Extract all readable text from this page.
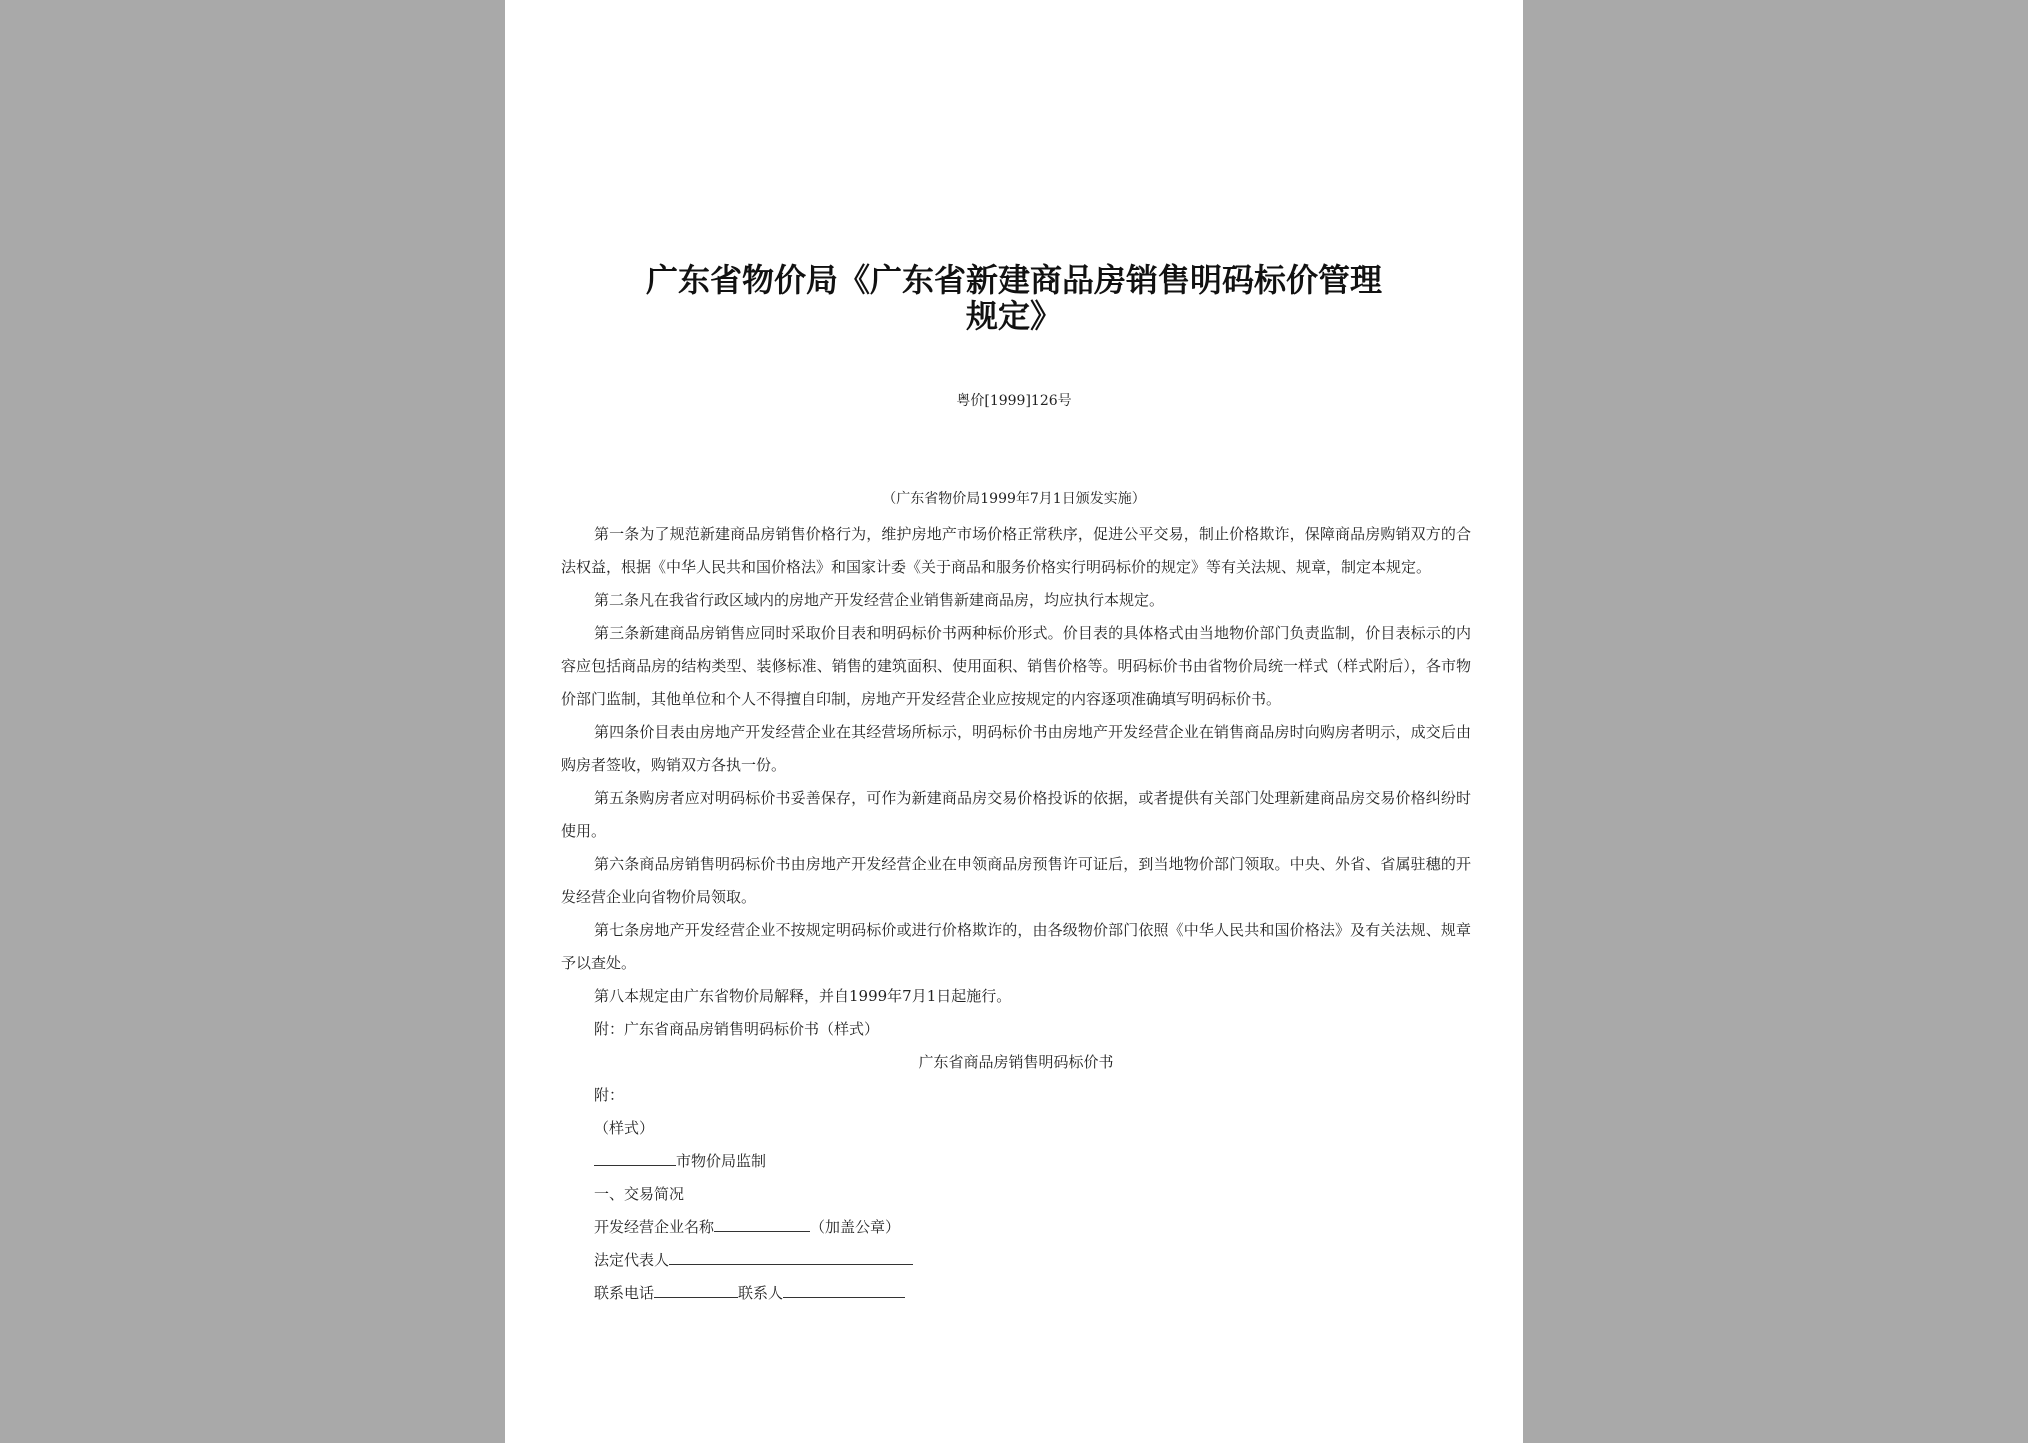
广东省物价局《广东省新建商品房销售明码标价管理
规定》
粤价[1999]126号
（广东省物价局1999年7月1日颁发实施）

第一条为了规范新建商品房销售价格行为，维护房地产市场价格正常秩序，促进公平交易，制止价格欺诈，保障商品房购销双方的合法权益，根据《中华人民共和国价格法》和国家计委《关于商品和服务价格实行明码标价的规定》等有关法规、规章，制定本规定。

第二条凡在我省行政区域内的房地产开发经营企业销售新建商品房，均应执行本规定。

第三条新建商品房销售应同时采取价目表和明码标价书两种标价形式。价目表的具体格式由当地物价部门负责监制，价目表标示的内容应包括商品房的结构类型、装修标准、销售的建筑面积、使用面积、销售价格等。明码标价书由省物价局统一样式（样式附后），各市物价部门监制，其他单位和个人不得擅自印制，房地产开发经营企业应按规定的内容逐项准确填写明码标价书。

第四条价目表由房地产开发经营企业在其经营场所标示，明码标价书由房地产开发经营企业在销售商品房时向购房者明示，成交后由购房者签收，购销双方各执一份。

第五条购房者应对明码标价书妥善保存，可作为新建商品房交易价格投诉的依据，或者提供有关部门处理新建商品房交易价格纠纷时使用。

第六条商品房销售明码标价书由房地产开发经营企业在申领商品房预售许可证后，到当地物价部门领取。中央、外省、省属驻穗的开发经营企业向省物价局领取。

第七条房地产开发经营企业不按规定明码标价或进行价格欺诈的，由各级物价部门依照《中华人民共和国价格法》及有关法规、规章予以查处。

第八本规定由广东省物价局解释，并自1999年7月1日起施行。

附：广东省商品房销售明码标价书（样式）

广东省商品房销售明码标价书

附：
（样式）
市物价局监制
一、交易简况
开发经营企业名称	（加盖公章）
法定代表人
联系电话	联系人
